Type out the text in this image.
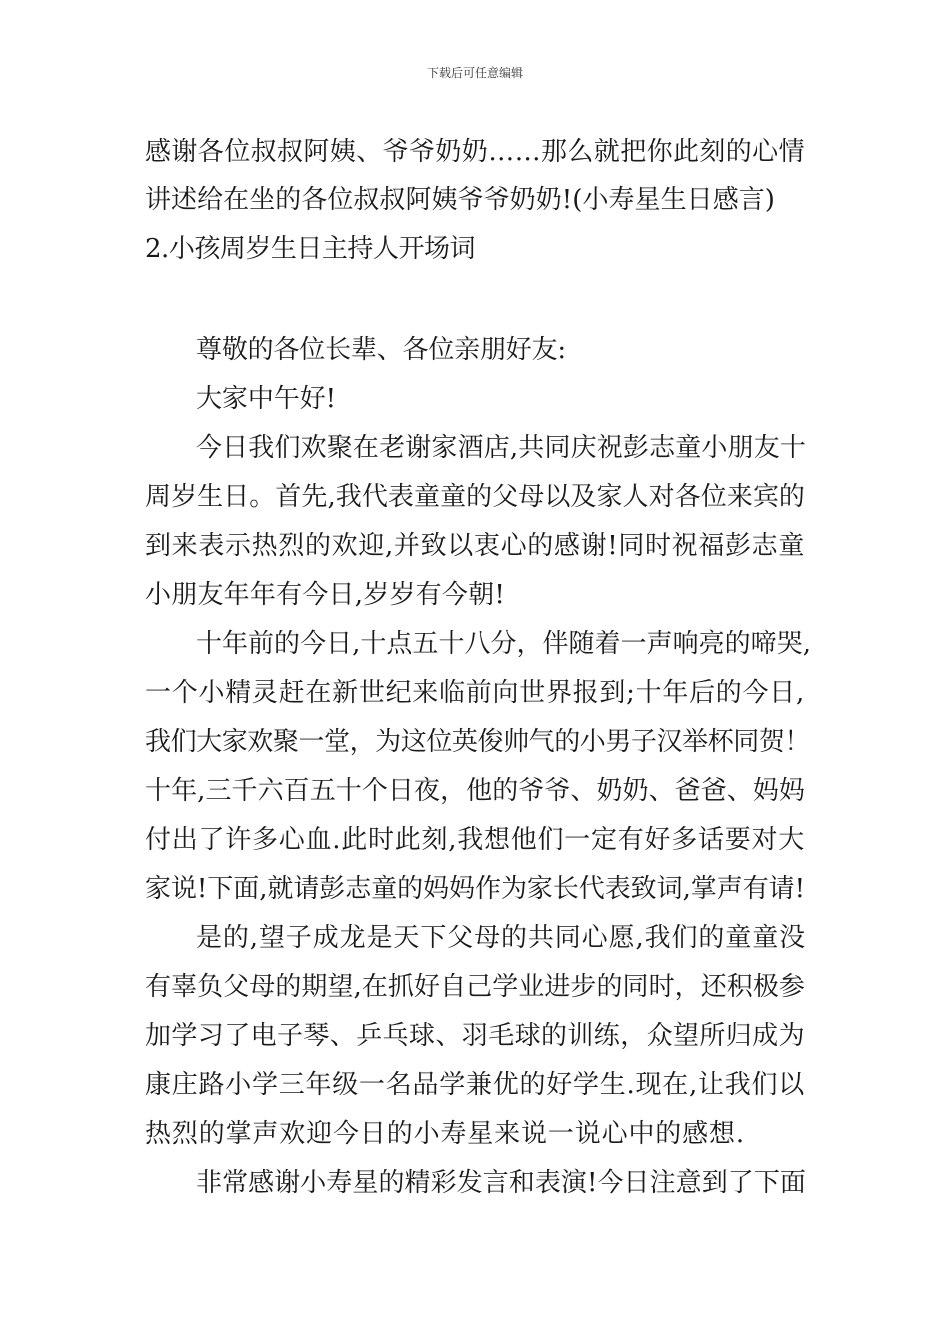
下载后可任意编辑
感谢各位叔叔阿姨、爷爷奶奶……那么就把你此刻的心情
讲述给在坐的各位叔叔阿姨爷爷奶奶!(小寿星生日感言)
2.小孩周岁生日主持人开场词
尊敬的各位长辈、各位亲朋好友:
大家中午好!
今日我们欢聚在老谢家酒店,共同庆祝彭志童小朋友十
周岁生日。首先,我代表童童的父母以及家人对各位来宾的
到来表示热烈的欢迎,并致以衷心的感谢!同时祝福彭志童
小朋友年年有今日,岁岁有今朝!
十年前的今日,十点五十八分，伴随着一声响亮的啼哭,
一个小精灵赶在新世纪来临前向世界报到;十年后的今日,
我们大家欢聚一堂，为这位英俊帅气的小男子汉举杯同贺！
十年,三千六百五十个日夜，他的爷爷、奶奶、爸爸、妈妈
付出了许多心血.此时此刻,我想他们一定有好多话要对大
家说!下面,就请彭志童的妈妈作为家长代表致词,掌声有请!
是的,望子成龙是天下父母的共同心愿,我们的童童没
有辜负父母的期望,在抓好自己学业进步的同时，还积极参
加学习了电子琴、乒乓球、羽毛球的训练，众望所归成为
康庄路小学三年级一名品学兼优的好学生.现在,让我们以
热烈的掌声欢迎今日的小寿星来说一说心中的感想.
非常感谢小寿星的精彩发言和表演!今日注意到了下面
